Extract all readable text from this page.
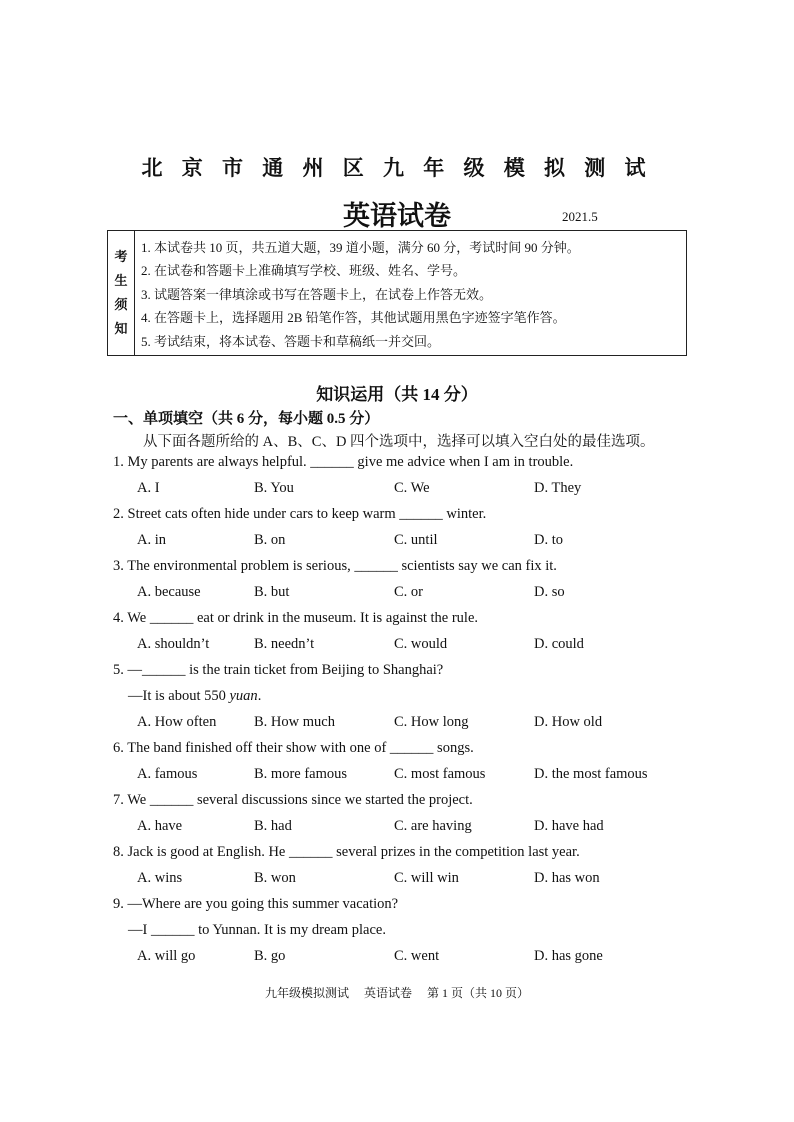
北 京 市 通 州 区 九 年 级 模 拟 测 试
英语试卷	2021.5
考
生
须
知
1. 本试卷共 10 页，共五道大题，39 道小题，满分 60 分，考试时间 90 分钟。
2. 在试卷和答题卡上准确填写学校、班级、姓名、学号。
3. 试题答案一律填涂或书写在答题卡上，在试卷上作答无效。
4. 在答题卡上，选择题用 2B 铅笔作答，其他试题用黑色字迹签字笔作答。
5. 考试结束，将本试卷、答题卡和草稿纸一并交回。
知识运用（共 14 分）
一、单项填空（共 6 分，每小题 0.5 分）
从下面各题所给的 A、B、C、D 四个选项中，选择可以填入空白处的最佳选项。
1. My parents are always helpful. ______ give me advice when I am in trouble.
A. I	B. You	C. We	D. They
2. Street cats often hide under cars to keep warm ______ winter.
A. in	B. on	C. until	D. to
3. The environmental problem is serious, ______ scientists say we can fix it.
A. because	B. but	C. or	D. so
4. We ______ eat or drink in the museum. It is against the rule.
A. shouldn’t	B. needn’t	C. would	D. could
5. —______ is the train ticket from Beijing to Shanghai?
—It is about 550 yuan.
A. How often	B. How much	C. How long	D. How old
6. The band finished off their show with one of ______ songs.
A. famous	B. more famous	C. most famous	D. the most famous
7. We ______ several discussions since we started the project.
A. have	B. had	C. are having	D. have had
8. Jack is good at English. He ______ several prizes in the competition last year.
A. wins	B. won	C. will win	D. has won
9. —Where are you going this summer vacation?
—I ______ to Yunnan. It is my dream place.
A. will go	B. go	C. went	D. has gone
九年级模拟测试 英语试卷 第 1 页（共 10 页）
